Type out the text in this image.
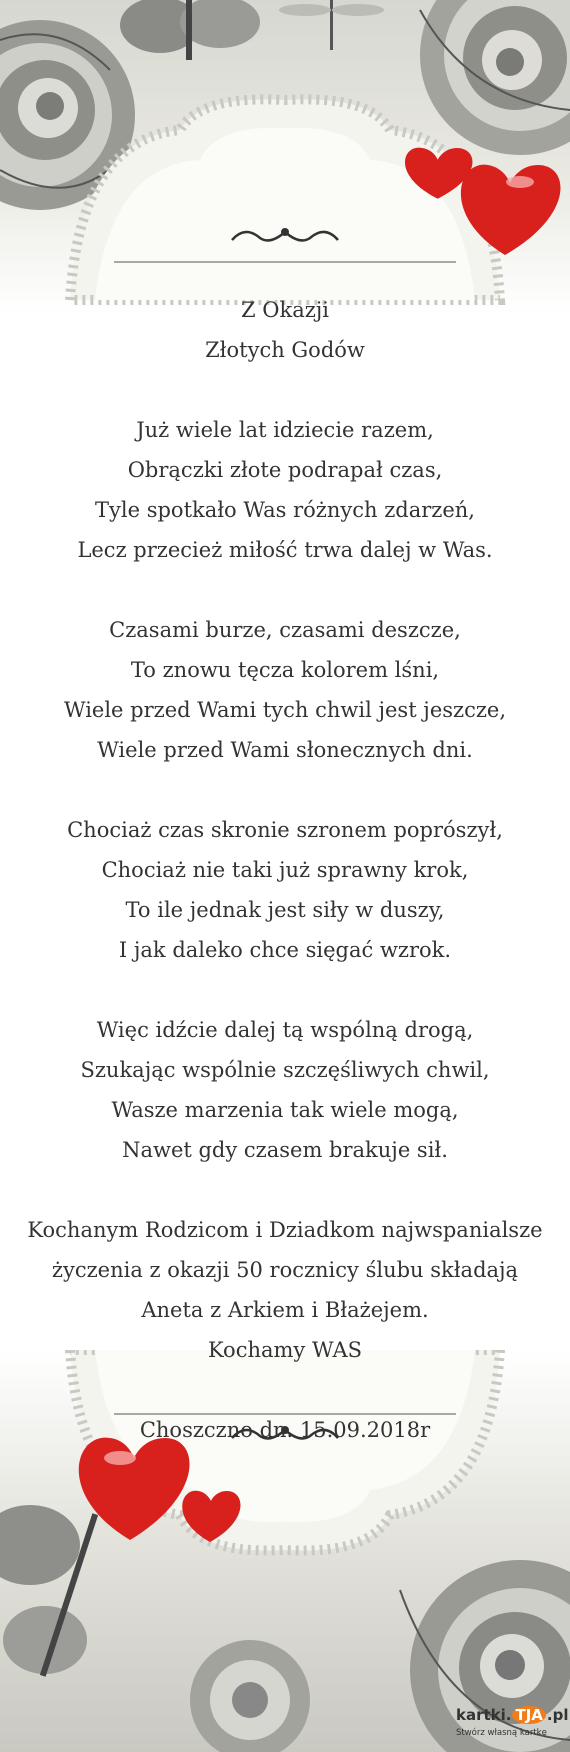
kartki. TJA .pl
Stwórz własną kartkę
Z Okazji
Złotych Godów
Już wiele lat idziecie razem,
Obrączki złote podrapał czas,
Tyle spotkało Was różnych zdarzeń,
Lecz przecież miłość trwa dalej w Was.
Czasami burze, czasami deszcze,
To znowu tęcza kolorem lśni,
Wiele przed Wami tych chwil jest jeszcze,
Wiele przed Wami słonecznych dni.
Chociaż czas skronie szronem poprószył,
Chociaż nie taki już sprawny krok,
To ile jednak jest siły w duszy,
I jak daleko chce sięgać wzrok.
Więc idźcie dalej tą wspólną drogą,
Szukając wspólnie szczęśliwych chwil,
Wasze marzenia tak wiele mogą,
Nawet gdy czasem brakuje sił.
Kochanym Rodzicom i Dziadkom najwspanialsze
życzenia z okazji 50 rocznicy ślubu składają
Aneta z Arkiem i Błażejem.
Kochamy WAS
Choszczno dn. 15.09.2018r
